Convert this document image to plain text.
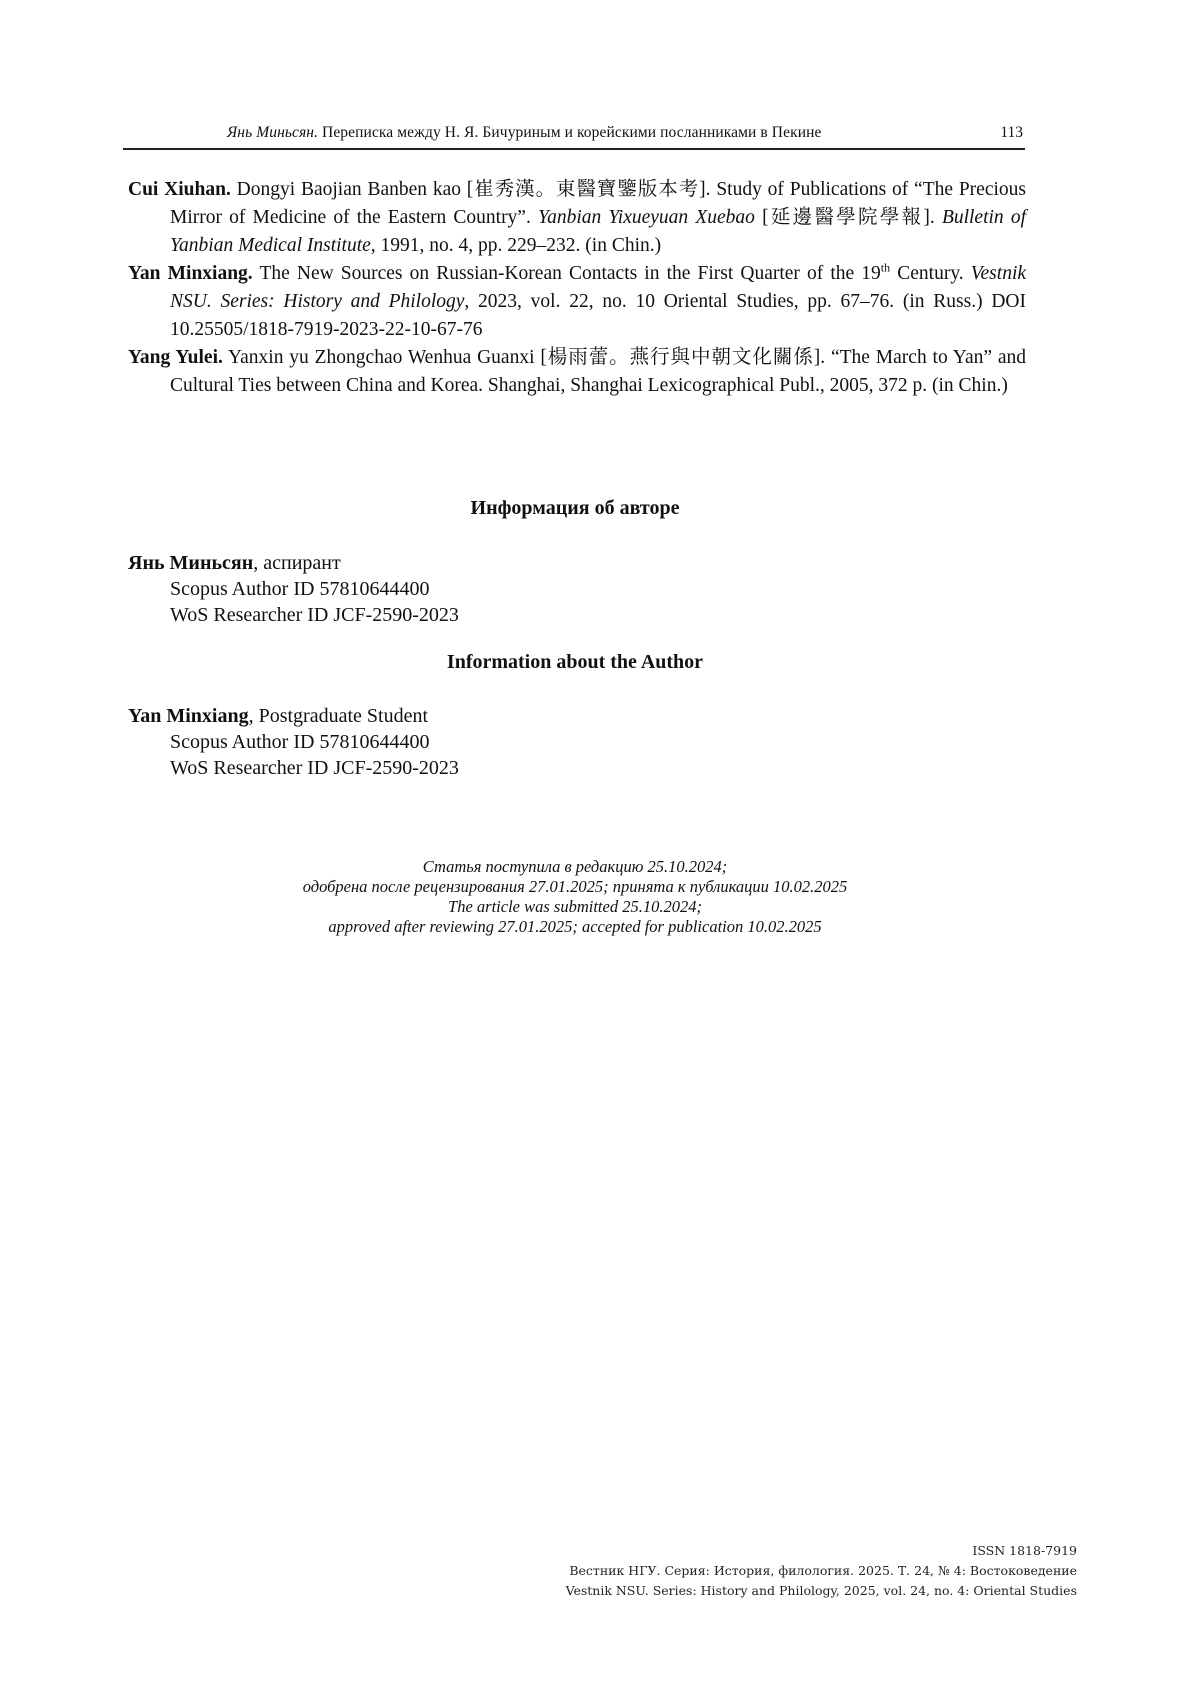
Янь Миньсян. Переписка между Н. Я. Бичуриным и корейскими посланниками в Пекине	113

Cui Xiuhan. Dongyi Baojian Banben kao [崔秀漢。東醫寶鑒版本考]. Study of Publications of “The Precious Mirror of Medicine of the Eastern Country”. Yanbian Yixueyuan Xuebao [延邊醫學院學報]. Bulletin of Yanbian Medical Institute, 1991, no. 4, pp. 229–232. (in Chin.)

Yan Minxiang. The New Sources on Russian-Korean Contacts in the First Quarter of the 19th Century. Vestnik NSU. Series: History and Philology, 2023, vol. 22, no. 10 Oriental Studies, pp. 67–76. (in Russ.) DOI 10.25505/1818-7919-2023-22-10-67-76

Yang Yulei. Yanxin yu Zhongchao Wenhua Guanxi [楊雨蕾。燕行與中朝文化關係]. “The March to Yan” and Cultural Ties between China and Korea. Shanghai, Shanghai Lexicographical Publ., 2005, 372 p. (in Chin.)

Информация об авторе
Янь Миньсян, аспирант
Scopus Author ID 57810644400
WoS Researcher ID JCF-2590-2023
Information about the Author
Yan Minxiang, Postgraduate Student
Scopus Author ID 57810644400
WoS Researcher ID JCF-2590-2023
Статья поступила в редакцию 25.10.2024;
одобрена после рецензирования 27.01.2025; принята к публикации 10.02.2025
The article was submitted 25.10.2024;
approved after reviewing 27.01.2025; accepted for publication 10.02.2025
ISSN 1818-7919
Вестник НГУ. Серия: История, филология. 2025. Т. 24, № 4: Востоковедение
Vestnik NSU. Series: History and Philology, 2025, vol. 24, no. 4: Oriental Studies
